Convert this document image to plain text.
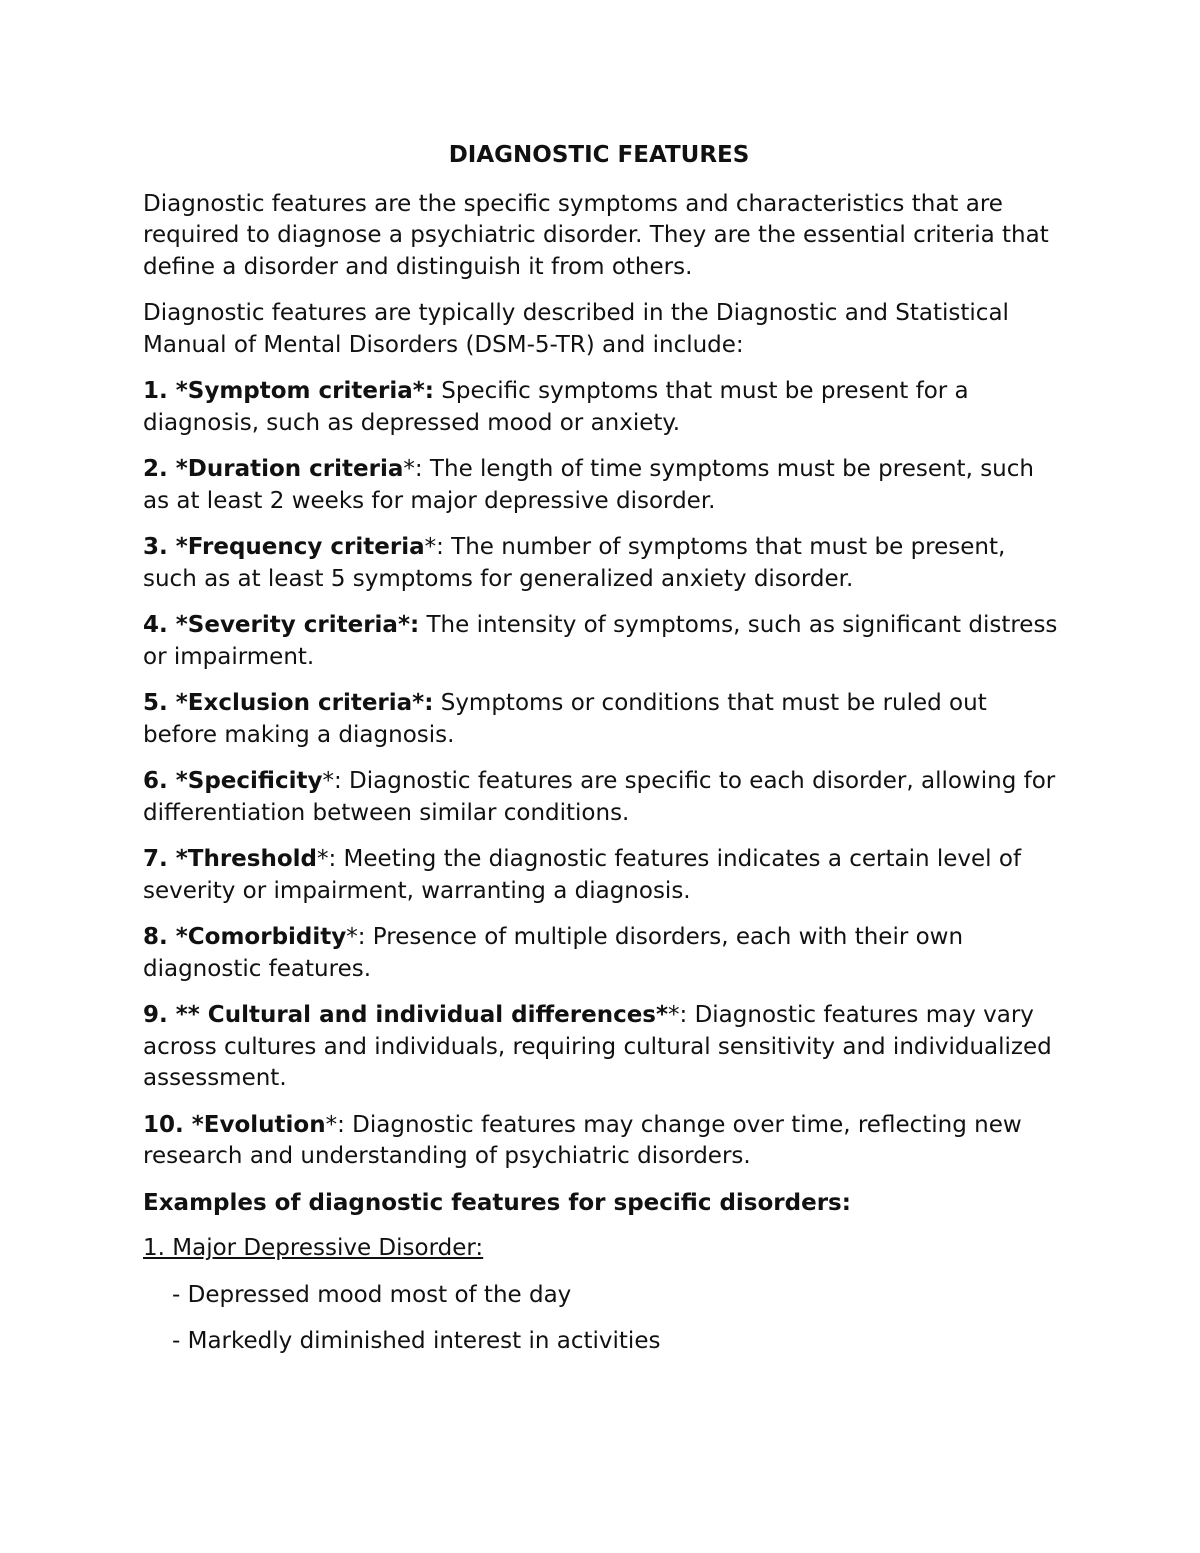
DIAGNOSTIC FEATURES

Diagnostic features are the specific symptoms and characteristics that are required to diagnose a psychiatric disorder. They are the essential criteria that define a disorder and distinguish it from others.

Diagnostic features are typically described in the Diagnostic and Statistical Manual of Mental Disorders (DSM-5-TR) and include:

1. *Symptom criteria*: Specific symptoms that must be present for a diagnosis, such as depressed mood or anxiety.

2. *Duration criteria*: The length of time symptoms must be present, such as at least 2 weeks for major depressive disorder.

3. *Frequency criteria*: The number of symptoms that must be present, such as at least 5 symptoms for generalized anxiety disorder.

4. *Severity criteria*: The intensity of symptoms, such as significant distress or impairment.

5. *Exclusion criteria*: Symptoms or conditions that must be ruled out before making a diagnosis.

6. *Specificity*: Diagnostic features are specific to each disorder, allowing for differentiation between similar conditions.

7. *Threshold*: Meeting the diagnostic features indicates a certain level of severity or impairment, warranting a diagnosis.

8. *Comorbidity*: Presence of multiple disorders, each with their own diagnostic features.

9. ** Cultural and individual differences**: Diagnostic features may vary across cultures and individuals, requiring cultural sensitivity and individualized assessment.

10. *Evolution*: Diagnostic features may change over time, reflecting new research and understanding of psychiatric disorders.

Examples of diagnostic features for specific disorders:

1. Major Depressive Disorder:

- Depressed mood most of the day

- Markedly diminished interest in activities
